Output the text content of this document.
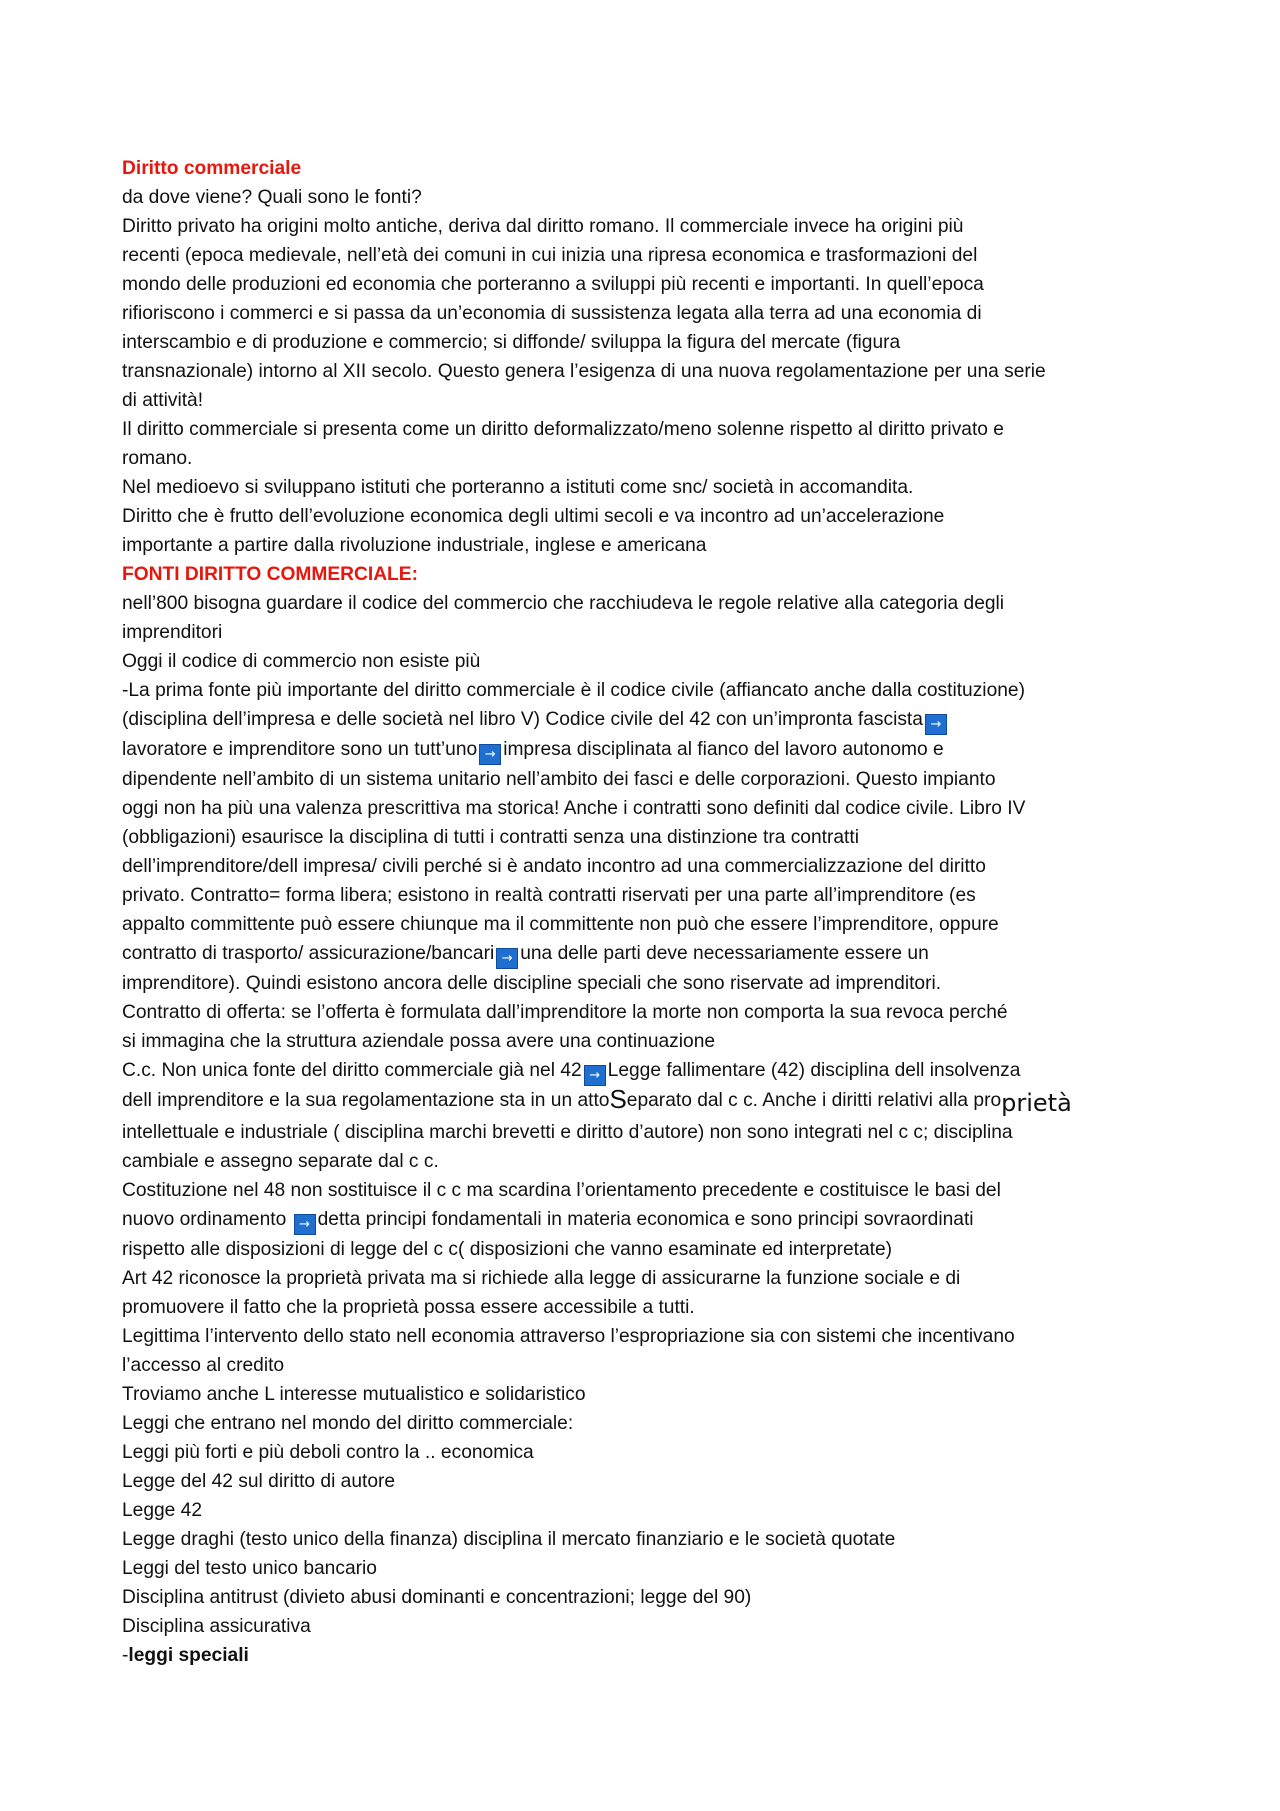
Diritto commerciale
da dove viene? Quali sono le fonti?
Diritto privato ha origini molto antiche, deriva dal diritto romano. Il commerciale invece ha origini più
recenti (epoca medievale, nell’età dei comuni in cui inizia una ripresa economica e trasformazioni del
mondo delle produzioni ed economia che porteranno a sviluppi più recenti e importanti. In quell’epoca
rifioriscono i commerci e si passa da un’economia di sussistenza legata alla terra ad una economia di
interscambio e di produzione e commercio; si diffonde/ sviluppa la figura del mercate (figura
transnazionale) intorno al XII secolo. Questo genera l’esigenza di una nuova regolamentazione per una serie
di attività!
Il diritto commerciale si presenta come un diritto deformalizzato/meno solenne rispetto al diritto privato e
romano.
Nel medioevo si sviluppano istituti che porteranno a istituti come snc/ società in accomandita.
Diritto che è frutto dell’evoluzione economica degli ultimi secoli e va incontro ad un’accelerazione
importante a partire dalla rivoluzione industriale, inglese e americana
FONTI DIRITTO COMMERCIALE:
nell’800 bisogna guardare il codice del commercio che racchiudeva le regole relative alla categoria degli
imprenditori
Oggi il codice di commercio non esiste più
-La prima fonte più importante del diritto commerciale è il codice civile (affiancato anche dalla costituzione)
(disciplina dell’impresa e delle società nel libro V) Codice civile del 42 con un’impronta fascista →
lavoratore e imprenditore sono un tutt’uno → impresa disciplinata al fianco del lavoro autonomo e
dipendente nell’ambito di un sistema unitario nell’ambito dei fasci e delle corporazioni. Questo impianto
oggi non ha più una valenza prescrittiva ma storica! Anche i contratti sono definiti dal codice civile. Libro IV
(obbligazioni) esaurisce la disciplina di tutti i contratti senza una distinzione tra contratti
dell’imprenditore/dell impresa/ civili perché si è andato incontro ad una commercializzazione del diritto
privato. Contratto= forma libera; esistono in realtà contratti riservati per una parte all’imprenditore (es
appalto committente può essere chiunque ma il committente non può che essere l’imprenditore, oppure
contratto di trasporto/ assicurazione/bancari → una delle parti deve necessariamente essere un
imprenditore). Quindi esistono ancora delle discipline speciali che sono riservate ad imprenditori.
Contratto di offerta: se l’offerta è formulata dall’imprenditore la morte non comporta la sua revoca perché
si immagina che la struttura aziendale possa avere una continuazione
C.c. Non unica fonte del diritto commerciale già nel 42 → Legge fallimentare (42) disciplina dell insolvenza
dell imprenditore e la sua regolamentazione sta in un attoSeparato dal c c. Anche i diritti relativi alla proprietà
intellettuale e industriale ( disciplina marchi brevetti e diritto d’autore) non sono integrati nel c c; disciplina
cambiale e assegno separate dal c c.
Costituzione nel 48 non sostituisce il c c ma scardina l’orientamento precedente e costituisce le basi del
nuovo ordinamento → detta principi fondamentali in materia economica e sono principi sovraordinati
rispetto alle disposizioni di legge del c c( disposizioni che vanno esaminate ed interpretate)
Art 42 riconosce la proprietà privata ma si richiede alla legge di assicurarne la funzione sociale e di
promuovere il fatto che la proprietà possa essere accessibile a tutti.
Legittima l’intervento dello stato nell economia attraverso l’espropriazione sia con sistemi che incentivano
l’accesso al credito
Troviamo anche L interesse mutualistico e solidaristico
Leggi che entrano nel mondo del diritto commerciale:
Leggi più forti e più deboli contro la .. economica
Legge del 42 sul diritto di autore
Legge 42
Legge draghi (testo unico della finanza) disciplina il mercato finanziario e le società quotate
Leggi del testo unico bancario
Disciplina antitrust (divieto abusi dominanti e concentrazioni; legge del 90)
Disciplina assicurativa
-leggi speciali
